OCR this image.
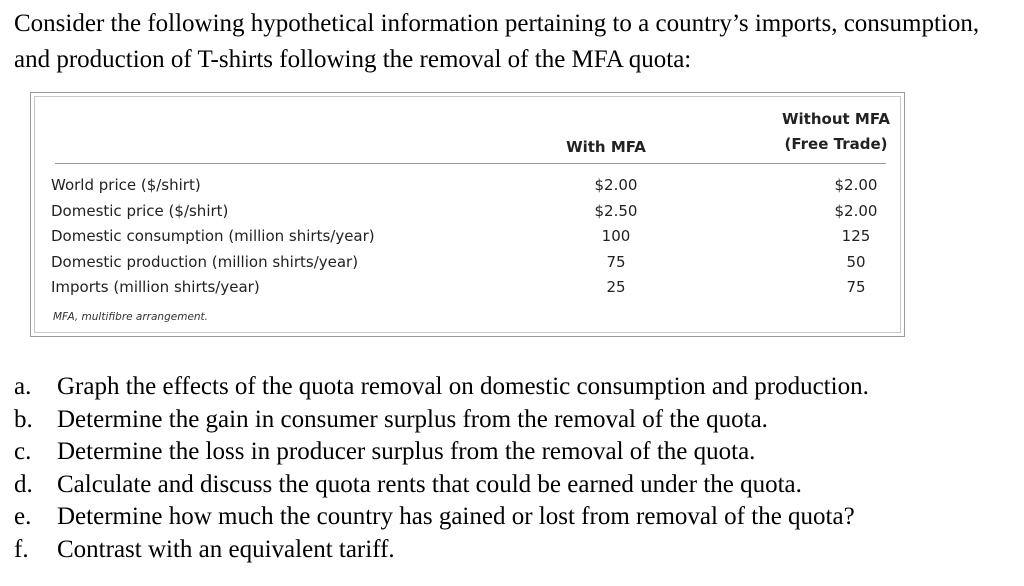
Consider the following hypothetical information pertaining to a country’s imports, consumption, and production of T-shirts following the removal of the MFA quota:

With MFA
Without MFA
(Free Trade)
World price ($/shirt)	$2.00	$2.00
Domestic price ($/shirt)	$2.50	$2.00
Domestic consumption (million shirts/year)	100	125
Domestic production (million shirts/year)	75	50
Imports (million shirts/year)	25	75
MFA, multifibre arrangement.
a. Graph the effects of the quota removal on domestic consumption and production.
b. Determine the gain in consumer surplus from the removal of the quota.
c. Determine the loss in producer surplus from the removal of the quota.
d. Calculate and discuss the quota rents that could be earned under the quota.
e. Determine how much the country has gained or lost from removal of the quota?
f. Contrast with an equivalent tariff.
